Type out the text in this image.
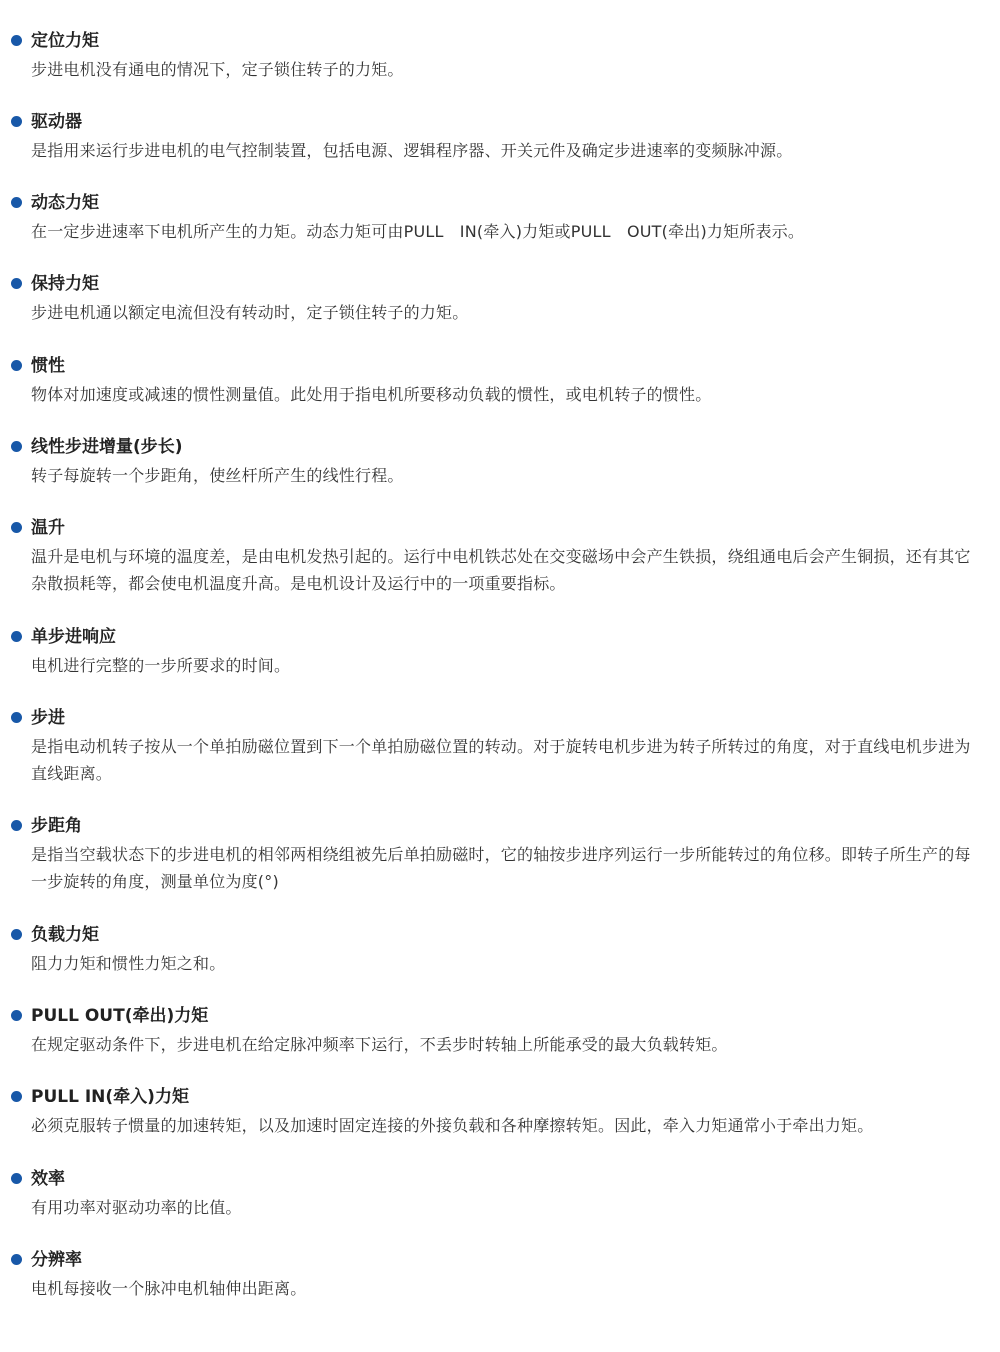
定位力矩
步进电机没有通电的情况下，定子锁住转子的力矩。
驱动器
是指用来运行步进电机的电气控制装置，包括电源、逻辑程序器、开关元件及确定步进速率的变频脉冲源。
动态力矩
在一定步进速率下电机所产生的力矩。动态力矩可由PULL　IN(牵入)力矩或PULL　OUT(牵出)力矩所表示。
保持力矩
步进电机通以额定电流但没有转动时，定子锁住转子的力矩。
惯性
物体对加速度或减速的惯性测量值。此处用于指电机所要移动负载的惯性，或电机转子的惯性。
线性步进增量(步长)
转子每旋转一个步距角，使丝杆所产生的线性行程。
温升
温升是电机与环境的温度差，是由电机发热引起的。运行中电机铁芯处在交变磁场中会产生铁损，绕组通电后会产生铜损，还有其它杂散损耗等，都会使电机温度升高。是电机设计及运行中的一项重要指标。
单步进响应
电机进行完整的一步所要求的时间。
步进
是指电动机转子按从一个单拍励磁位置到下一个单拍励磁位置的转动。对于旋转电机步进为转子所转过的角度，对于直线电机步进为直线距离。
步距角
是指当空载状态下的步进电机的相邻两相绕组被先后单拍励磁时，它的轴按步进序列运行一步所能转过的角位移。即转子所生产的每一步旋转的角度，测量单位为度(°)
负载力矩
阻力力矩和惯性力矩之和。
PULL OUT(牵出)力矩
在规定驱动条件下，步进电机在给定脉冲频率下运行，不丢步时转轴上所能承受的最大负载转矩。
PULL IN(牵入)力矩
必须克服转子惯量的加速转矩，以及加速时固定连接的外接负载和各种摩擦转矩。因此，牵入力矩通常小于牵出力矩。
效率
有用功率对驱动功率的比值。
分辨率
电机每接收一个脉冲电机轴伸出距离。
